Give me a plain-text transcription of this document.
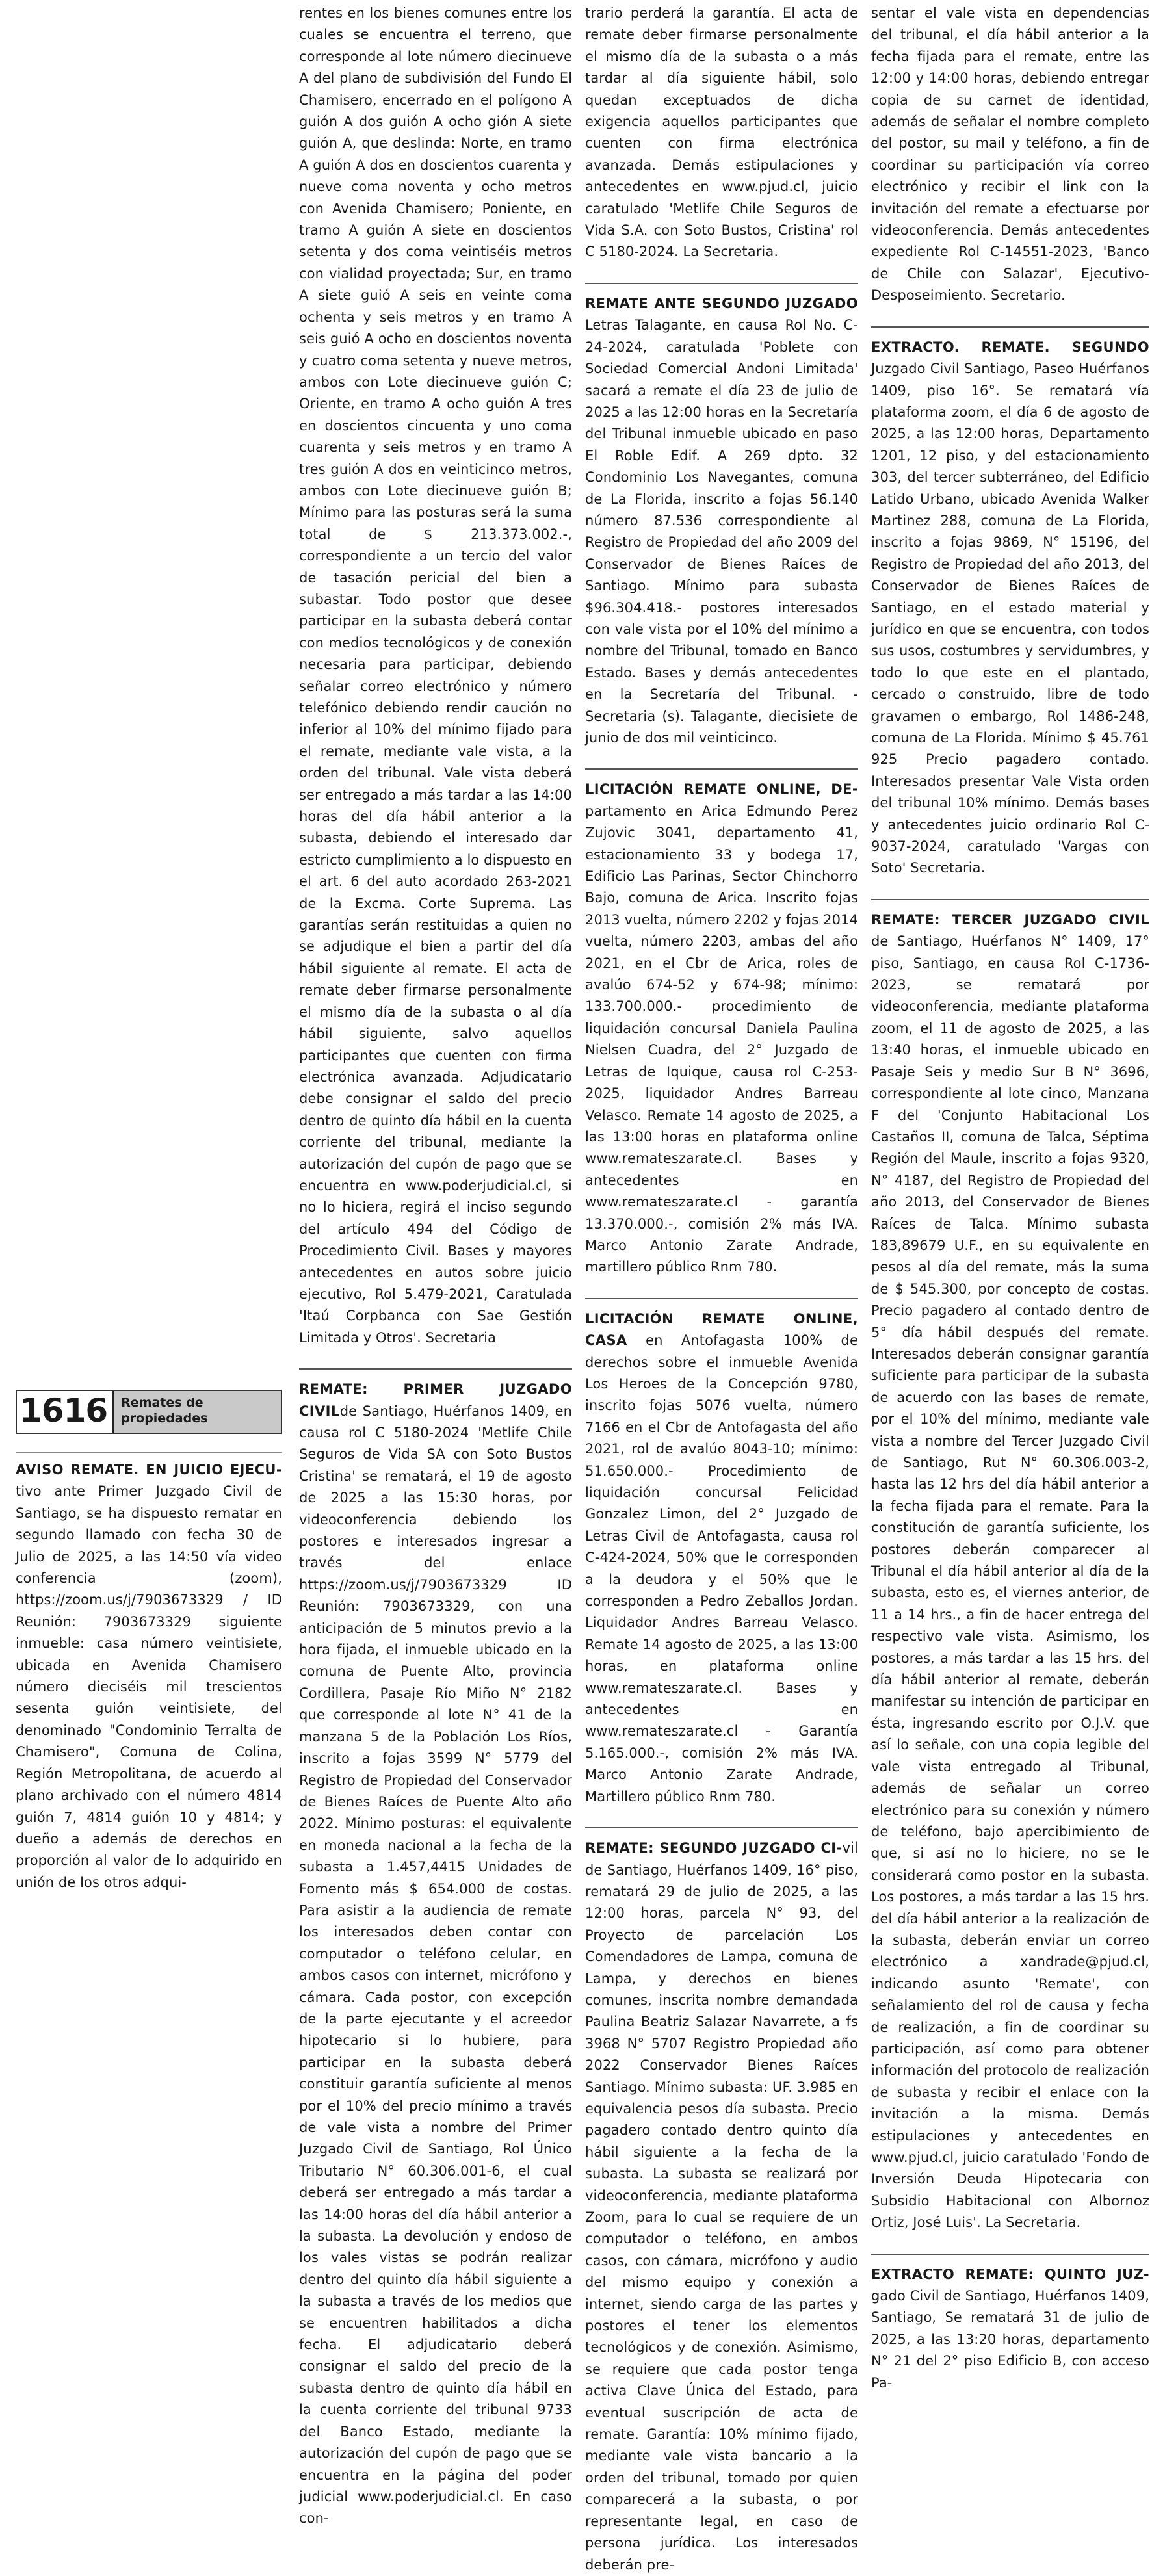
1616	Remates de propiedades

AVISO REMATE. EN JUICIO EJECU-tivo ante Primer Juzgado Civil de Santiago, se ha dispuesto rematar en segundo llamado con fecha 30 de Julio de 2025, a las 14:50 vía video conferencia (zoom), https://zoom.us/j/7903673329 / ID Reunión: 7903673329 siguiente inmueble: casa número veintisiete, ubicada en Avenida Chamisero número dieciséis mil trescientos sesenta guión veintisiete, del denominado "Condominio Terralta de Chamisero", Comuna de Colina, Región Metropolitana, de acuerdo al plano archivado con el número 4814 guión 7, 4814 guión 10 y 4814; y dueño a además de derechos en proporción al valor de lo adquirido en unión de los otros adqui-

rentes en los bienes comunes entre los cuales se encuentra el terreno, que corresponde al lote número diecinueve A del plano de subdivisión del Fundo El Chamisero, encerrado en el polígono A guión A dos guión A ocho gión A siete guión A, que deslinda: Norte, en tramo A guión A dos en doscientos cuarenta y nueve coma noventa y ocho metros con Avenida Chamisero; Poniente, en tramo A guión A siete en doscientos setenta y dos coma veintiséis metros con vialidad proyectada; Sur, en tramo A siete guió A seis en veinte coma ochenta y seis metros y en tramo A seis guió A ocho en doscientos noventa y cuatro coma setenta y nueve metros, ambos con Lote diecinueve guión C; Oriente, en tramo A ocho guión A tres en doscientos cincuenta y uno coma cuarenta y seis metros y en tramo A tres guión A dos en veinticinco metros, ambos con Lote diecinueve guión B; Mínimo para las posturas será la suma total de $ 213.373.002.-, correspondiente a un tercio del valor de tasación pericial del bien a subastar. Todo postor que desee participar en la subasta deberá contar con medios tecnológicos y de conexión necesaria para participar, debiendo señalar correo electrónico y número telefónico debiendo rendir caución no inferior al 10% del mínimo fijado para el remate, mediante vale vista, a la orden del tribunal. Vale vista deberá ser entregado a más tardar a las 14:00 horas del día hábil anterior a la subasta, debiendo el interesado dar estricto cumplimiento a lo dispuesto en el art. 6 del auto acordado 263-2021 de la Excma. Corte Suprema. Las garantías serán restituidas a quien no se adjudique el bien a partir del día hábil siguiente al remate. El acta de remate deber firmarse personalmente el mismo día de la subasta o al día hábil siguiente, salvo aquellos participantes que cuenten con firma electrónica avanzada. Adjudicatario debe consignar el saldo del precio dentro de quinto día hábil en la cuenta corriente del tribunal, mediante la autorización del cupón de pago que se encuentra en www.poderjudicial.cl, si no lo hiciera, regirá el inciso segundo del artículo 494 del Código de Procedimiento Civil. Bases y mayores antecedentes en autos sobre juicio ejecutivo, Rol 5.479-2021, Caratulada 'Itaú Corpbanca con Sae Gestión Limitada y Otros'. Secretaria

REMATE: PRIMER JUZGADO CIVILde Santiago, Huérfanos 1409, en causa rol C 5180-2024 'Metlife Chile Seguros de Vida SA con Soto Bustos Cristina' se rematará, el 19 de agosto de 2025 a las 15:30 horas, por videoconferencia debiendo los postores e interesados ingresar a través del enlace https://zoom.us/j/7903673329 ID Reunión: 7903673329, con una anticipación de 5 minutos previo a la hora fijada, el inmueble ubicado en la comuna de Puente Alto, provincia Cordillera, Pasaje Río Miño N° 2182 que corresponde al lote N° 41 de la manzana 5 de la Población Los Ríos, inscrito a fojas 3599 N° 5779 del Registro de Propiedad del Conservador de Bienes Raíces de Puente Alto año 2022. Mínimo posturas: el equivalente en moneda nacional a la fecha de la subasta a 1.457,4415 Unidades de Fomento más $ 654.000 de costas. Para asistir a la audiencia de remate los interesados deben contar con computador o teléfono celular, en ambos casos con internet, micrófono y cámara. Cada postor, con excepción de la parte ejecutante y el acreedor hipotecario si lo hubiere, para participar en la subasta deberá constituir garantía suficiente al menos por el 10% del precio mínimo a través de vale vista a nombre del Primer Juzgado Civil de Santiago, Rol Único Tributario N° 60.306.001-6, el cual deberá ser entregado a más tardar a las 14:00 horas del día hábil anterior a la subasta. La devolución y endoso de los vales vistas se podrán realizar dentro del quinto día hábil siguiente a la subasta a través de los medios que se encuentren habilitados a dicha fecha. El adjudicatario deberá consignar el saldo del precio de la subasta dentro de quinto día hábil en la cuenta corriente del tribunal 9733 del Banco Estado, mediante la autorización del cupón de pago que se encuentra en la página del poder judicial www.poderjudicial.cl. En caso con-

trario perderá la garantía. El acta de remate deber firmarse personalmente el mismo día de la subasta o a más tardar al día siguiente hábil, solo quedan exceptuados de dicha exigencia aquellos participantes que cuenten con firma electrónica avanzada. Demás estipulaciones y antecedentes en www.pjud.cl, juicio caratulado 'Metlife Chile Seguros de Vida S.A. con Soto Bustos, Cristina' rol C 5180-2024. La Secretaria.

REMATE ANTE SEGUNDO JUZGADO Letras Talagante, en causa Rol No. C-24-2024, caratulada 'Poblete con Sociedad Comercial Andoni Limitada' sacará a remate el día 23 de julio de 2025 a las 12:00 horas en la Secretaría del Tribunal inmueble ubicado en paso El Roble Edif. A 269 dpto. 32 Condominio Los Navegantes, comuna de La Florida, inscrito a fojas 56.140 número 87.536 correspondiente al Registro de Propiedad del año 2009 del Conservador de Bienes Raíces de Santiago. Mínimo para subasta $96.304.418.- postores interesados con vale vista por el 10% del mínimo a nombre del Tribunal, tomado en Banco Estado. Bases y demás antecedentes en la Secretaría del Tribunal. - Secretaria (s). Talagante, diecisiete de junio de dos mil veinticinco.

LICITACIÓN REMATE ONLINE, DE-partamento en Arica Edmundo Perez Zujovic 3041, departamento 41, estacionamiento 33 y bodega 17, Edificio Las Parinas, Sector Chinchorro Bajo, comuna de Arica. Inscrito fojas 2013 vuelta, número 2202 y fojas 2014 vuelta, número 2203, ambas del año 2021, en el Cbr de Arica, roles de avalúo 674-52 y 674-98; mínimo: 133.700.000.- procedimiento de liquidación concursal Daniela Paulina Nielsen Cuadra, del 2° Juzgado de Letras de Iquique, causa rol C-253-2025, liquidador Andres Barreau Velasco. Remate 14 agosto de 2025, a las 13:00 horas en plataforma online www.remateszarate.cl. Bases y antecedentes en www.remateszarate.cl - garantía 13.370.000.-, comisión 2% más IVA. Marco Antonio Zarate Andrade, martillero público Rnm 780.

LICITACIÓN REMATE ONLINE, CASA en Antofagasta 100% de derechos sobre el inmueble Avenida Los Heroes de la Concepción 9780, inscrito fojas 5076 vuelta, número 7166 en el Cbr de Antofagasta del año 2021, rol de avalúo 8043-10; mínimo: 51.650.000.- Procedimiento de liquidación concursal Felicidad Gonzalez Limon, del 2° Juzgado de Letras Civil de Antofagasta, causa rol C-424-2024, 50% que le corresponden a la deudora y el 50% que le corresponden a Pedro Zeballos Jordan. Liquidador Andres Barreau Velasco. Remate 14 agosto de 2025, a las 13:00 horas, en plataforma online www.remateszarate.cl. Bases y antecedentes en www.remateszarate.cl - Garantía 5.165.000.-, comisión 2% más IVA. Marco Antonio Zarate Andrade, Martillero público Rnm 780.

REMATE: SEGUNDO JUZGADO CI-vil de Santiago, Huérfanos 1409, 16° piso, rematará 29 de julio de 2025, a las 12:00 horas, parcela N° 93, del Proyecto de parcelación Los Comendadores de Lampa, comuna de Lampa, y derechos en bienes comunes, inscrita nombre demandada Paulina Beatriz Salazar Navarrete, a fs 3968 N° 5707 Registro Propiedad año 2022 Conservador Bienes Raíces Santiago. Mínimo subasta: UF. 3.985 en equivalencia pesos día subasta. Precio pagadero contado dentro quinto día hábil siguiente a la fecha de la subasta. La subasta se realizará por videoconferencia, mediante plataforma Zoom, para lo cual se requiere de un computador o teléfono, en ambos casos, con cámara, micrófono y audio del mismo equipo y conexión a internet, siendo carga de las partes y postores el tener los elementos tecnológicos y de conexión. Asimismo, se requiere que cada postor tenga activa Clave Única del Estado, para eventual suscripción de acta de remate. Garantía: 10% mínimo fijado, mediante vale vista bancario a la orden del tribunal, tomado por quien comparecerá a la subasta, o por representante legal, en caso de persona jurídica. Los interesados deberán pre-

sentar el vale vista en dependencias del tribunal, el día hábil anterior a la fecha fijada para el remate, entre las 12:00 y 14:00 horas, debiendo entregar copia de su carnet de identidad, además de señalar el nombre completo del postor, su mail y teléfono, a fin de coordinar su participación vía correo electrónico y recibir el link con la invitación del remate a efectuarse por videoconferencia. Demás antecedentes expediente Rol C-14551-2023, 'Banco de Chile con Salazar', Ejecutivo- Desposeimiento. Secretario.

EXTRACTO. REMATE. SEGUNDO Juzgado Civil Santiago, Paseo Huérfanos 1409, piso 16°. Se rematará vía plataforma zoom, el día 6 de agosto de 2025, a las 12:00 horas, Departamento 1201, 12 piso, y del estacionamiento 303, del tercer subterráneo, del Edificio Latido Urbano, ubicado Avenida Walker Martinez 288, comuna de La Florida, inscrito a fojas 9869, N° 15196, del Registro de Propiedad del año 2013, del Conservador de Bienes Raíces de Santiago, en el estado material y jurídico en que se encuentra, con todos sus usos, costumbres y servidumbres, y todo lo que este en el plantado, cercado o construido, libre de todo gravamen o embargo, Rol 1486-248, comuna de La Florida. Mínimo $ 45.761 925 Precio pagadero contado. Interesados presentar Vale Vista orden del tribunal 10% mínimo. Demás bases y antecedentes juicio ordinario Rol C-9037-2024, caratulado 'Vargas con Soto' Secretaria.

REMATE: TERCER JUZGADO CIVIL de Santiago, Huérfanos N° 1409, 17° piso, Santiago, en causa Rol C-1736-2023, se rematará por videoconferencia, mediante plataforma zoom, el 11 de agosto de 2025, a las 13:40 horas, el inmueble ubicado en Pasaje Seis y medio Sur B N° 3696, correspondiente al lote cinco, Manzana F del 'Conjunto Habitacional Los Castaños II, comuna de Talca, Séptima Región del Maule, inscrito a fojas 9320, N° 4187, del Registro de Propiedad del año 2013, del Conservador de Bienes Raíces de Talca. Mínimo subasta 183,89679 U.F., en su equivalente en pesos al día del remate, más la suma de $ 545.300, por concepto de costas. Precio pagadero al contado dentro de 5° día hábil después del remate. Interesados deberán consignar garantía suficiente para participar de la subasta de acuerdo con las bases de remate, por el 10% del mínimo, mediante vale vista a nombre del Tercer Juzgado Civil de Santiago, Rut N° 60.306.003-2, hasta las 12 hrs del día hábil anterior a la fecha fijada para el remate. Para la constitución de garantía suficiente, los postores deberán comparecer al Tribunal el día hábil anterior al día de la subasta, esto es, el viernes anterior, de 11 a 14 hrs., a fin de hacer entrega del respectivo vale vista. Asimismo, los postores, a más tardar a las 15 hrs. del día hábil anterior al remate, deberán manifestar su intención de participar en ésta, ingresando escrito por O.J.V. que así lo señale, con una copia legible del vale vista entregado al Tribunal, además de señalar un correo electrónico para su conexión y número de teléfono, bajo apercibimiento de que, si así no lo hiciere, no se le considerará como postor en la subasta. Los postores, a más tardar a las 15 hrs. del día hábil anterior a la realización de la subasta, deberán enviar un correo electrónico a xandrade@pjud.cl, indicando asunto 'Remate', con señalamiento del rol de causa y fecha de realización, a fin de coordinar su participación, así como para obtener información del protocolo de realización de subasta y recibir el enlace con la invitación a la misma. Demás estipulaciones y antecedentes en www.pjud.cl, juicio caratulado 'Fondo de Inversión Deuda Hipotecaria con Subsidio Habitacional con Albornoz Ortiz, José Luis'. La Secretaria.

EXTRACTO REMATE: QUINTO JUZ-gado Civil de Santiago, Huérfanos 1409, Santiago, Se rematará 31 de julio de 2025, a las 13:20 horas, departamento N° 21 del 2° piso Edificio B, con acceso Pa-
